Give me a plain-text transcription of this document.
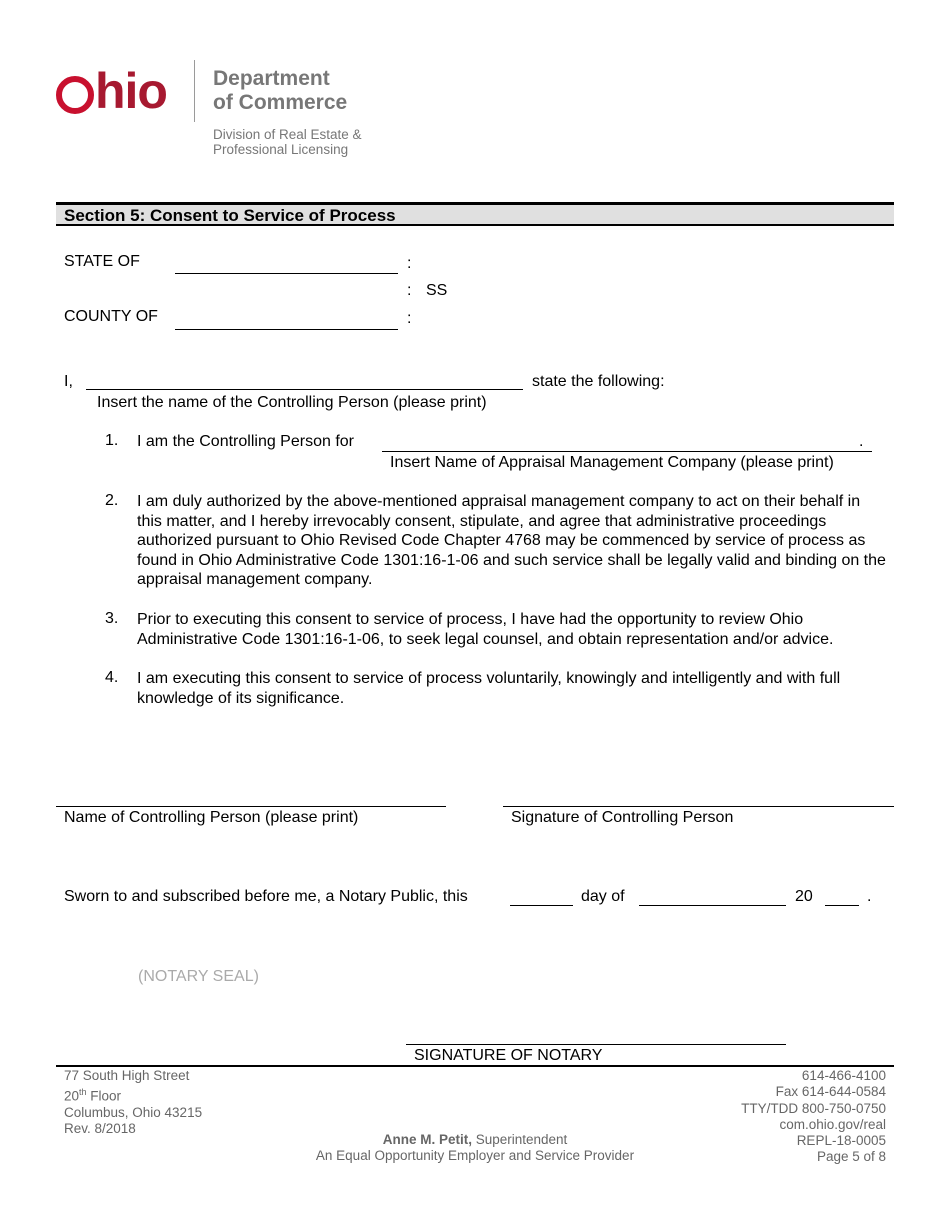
hio Department
of Commerce
Division of Real Estate &
Professional Licensing
Section 5: Consent to Service of Process
STATE OF	:
: SS
COUNTY OF	:
I,	state the following:
Insert the name of the Controlling Person (please print)
1. I am the Controlling Person for	.
Insert Name of Appraisal Management Company (please print)
2. I am duly authorized by the above-mentioned appraisal management company to act on their behalf in this matter, and I hereby irrevocably consent, stipulate, and agree that administrative proceedings authorized pursuant to Ohio Revised Code Chapter 4768 may be commenced by service of process as found in Ohio Administrative Code 1301:16-1-06 and such service shall be legally valid and binding on the appraisal management company.
3. Prior to executing this consent to service of process, I have had the opportunity to review Ohio Administrative Code 1301:16-1-06, to seek legal counsel, and obtain representation and/or advice.
4. I am executing this consent to service of process voluntarily, knowingly and intelligently and with full knowledge of its significance.
Name of Controlling Person (please print)	Signature of Controlling Person
Sworn to and subscribed before me, a Notary Public, this	day of	20	.
(NOTARY SEAL)
SIGNATURE OF NOTARY
77 South High Street
20th Floor
Columbus, Ohio 43215
Rev. 8/2018
Anne M. Petit, Superintendent
An Equal Opportunity Employer and Service Provider
614-466-4100
Fax 614-644-0584
TTY/TDD 800-750-0750
com.ohio.gov/real
REPL-18-0005
Page 5 of 8
